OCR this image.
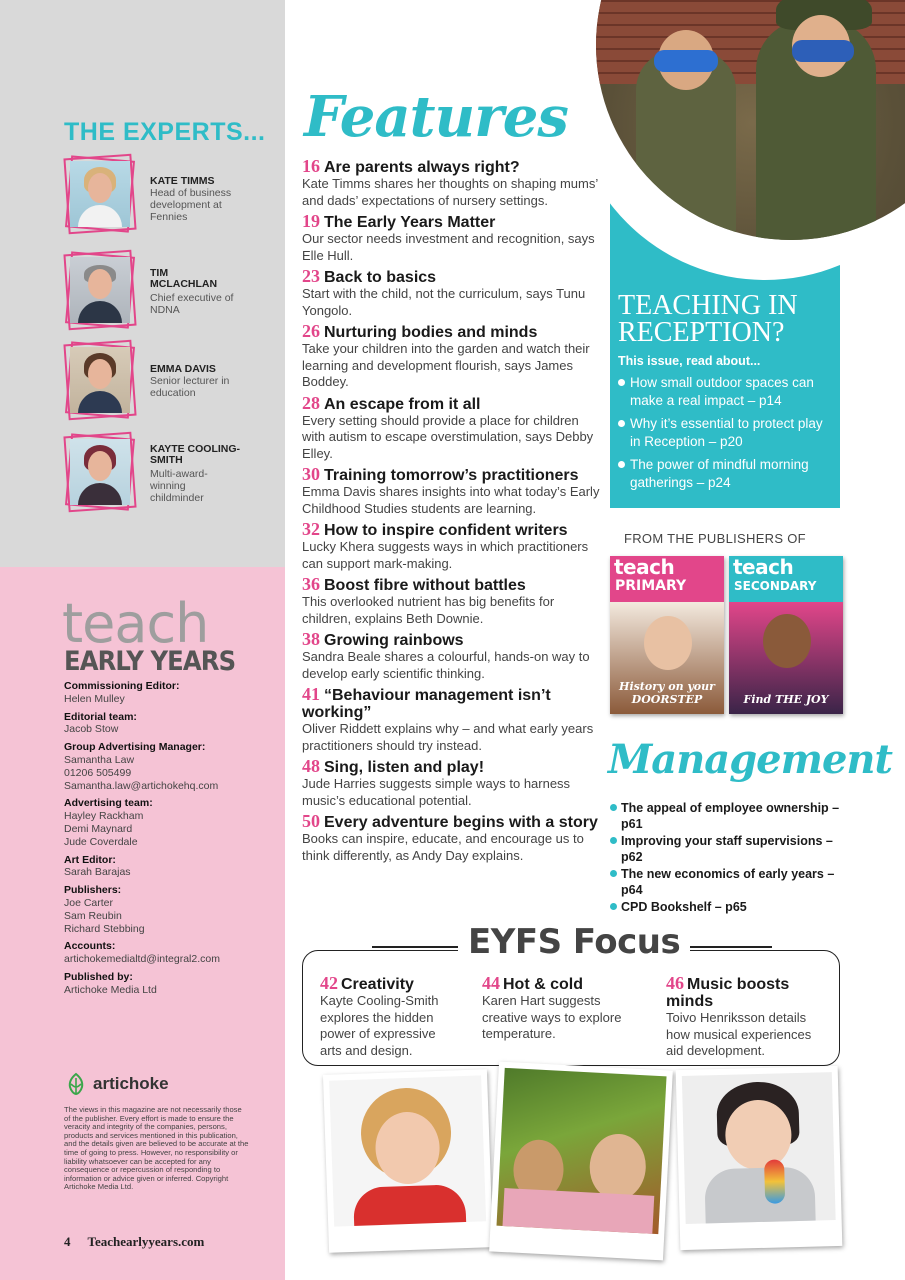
THE EXPERTS...
KATE TIMMS
Head of business development at Fennies
TIM MCLACHLAN
Chief executive of NDNA
EMMA DAVIS
Senior lecturer in education
KAYTE COOLING-SMITH
Multi-award-winning childminder
teach
EARLY YEARS
Commissioning Editor:
Helen Mulley
Editorial team:
Jacob Stow
Group Advertising Manager:
Samantha Law
01206 505499
Samantha.law@artichokehq.com
Advertising team:
Hayley Rackham
Demi Maynard
Jude Coverdale
Art Editor:
Sarah Barajas
Publishers:
Joe Carter
Sam Reubin
Richard Stebbing
Accounts:
artichokemedialtd@integral2.com
Published by:
Artichoke Media Ltd
artichoke
The views in this magazine are not necessarily those of the publisher. Every effort is made to ensure the veracity and integrity of the companies, persons, products and services mentioned in this publication, and the details given are believed to be accurate at the time of going to press. However, no responsibility or liability whatsoever can be accepted for any consequence or repercussion of responding to information or advice given or inferred. Copyright Artichoke Media Ltd.
4 Teachearlyyears.com
Features
16 Are parents always right?
Kate Timms shares her thoughts on shaping mums’ and dads’ expectations of nursery settings.
19 The Early Years Matter
Our sector needs investment and recognition, says Elle Hull.
23 Back to basics
Start with the child, not the curriculum, says Tunu Yongolo.
26 Nurturing bodies and minds
Take your children into the garden and watch their learning and development flourish, says James Boddey.
28 An escape from it all
Every setting should provide a place for children with autism to escape overstimulation, says Debby Elley.
30 Training tomorrow’s practitioners
Emma Davis shares insights into what today’s Early Childhood Studies students are learning.
32 How to inspire confident writers
Lucky Khera suggests ways in which practitioners can support mark-making.
36 Boost fibre without battles
This overlooked nutrient has big benefits for children, explains Beth Downie.
38 Growing rainbows
Sandra Beale shares a colourful, hands-on way to develop early scientific thinking.
41 “Behaviour management isn’t working”
Oliver Riddett explains why – and what early years practitioners should try instead.
48 Sing, listen and play!
Jude Harries suggests simple ways to harness music’s educational potential.
50 Every adventure begins with a story
Books can inspire, educate, and encourage us to think differently, as Andy Day explains.
TEACHING IN RECEPTION?
This issue, read about...
How small outdoor spaces can make a real impact – p14
Why it’s essential to protect play in Reception – p20
The power of mindful morning gatherings – p24
FROM THE PUBLISHERS OF
teach
PRIMARY
History on your DOORSTEP
teach
SECONDARY
Find THE JOY
Management
The appeal of employee ownership – p61
Improving your staff supervisions – p62
The new economics of early years – p64
CPD Bookshelf – p65
EYFS Focus
42 Creativity
Kayte Cooling-Smith explores the hidden power of expressive arts and design.
44 Hot & cold
Karen Hart suggests creative ways to explore temperature.
46 Music boosts minds
Toivo Henriksson details how musical experiences aid development.
